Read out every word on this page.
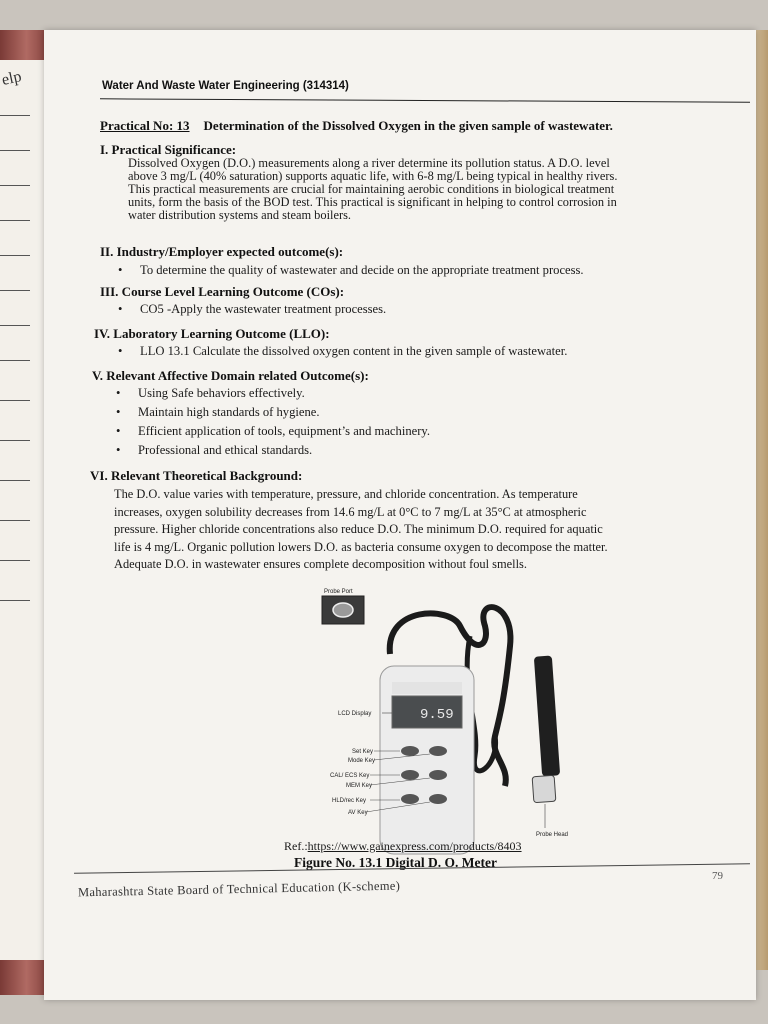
elp	Water And Waste Water Engineering (314314)
Practical No: 13 Determination of the Dissolved Oxygen in the given sample of wastewater.
I. Practical Significance:
Dissolved Oxygen (D.O.) measurements along a river determine its pollution status. A D.O. level
above 3 mg/L (40% saturation) supports aquatic life, with 6-8 mg/L being typical in healthy rivers.
This practical measurements are crucial for maintaining aerobic conditions in biological treatment
units, form the basis of the BOD test. This practical is significant in helping to control corrosion in
water distribution systems and steam boilers.
II. Industry/Employer expected outcome(s):
• To determine the quality of wastewater and decide on the appropriate treatment process.
III. Course Level Learning Outcome (COs):
• CO5 -Apply the wastewater treatment processes.
IV. Laboratory Learning Outcome (LLO):
• LLO 13.1 Calculate the dissolved oxygen content in the given sample of wastewater.
V. Relevant Affective Domain related Outcome(s):
• Using Safe behaviors effectively.
• Maintain high standards of hygiene.
• Efficient application of tools, equipment’s and machinery.
• Professional and ethical standards.
VI. Relevant Theoretical Background:
The D.O. value varies with temperature, pressure, and chloride concentration. As temperature
increases, oxygen solubility decreases from 14.6 mg/L at 0°C to 7 mg/L at 35°C at atmospheric
pressure. Higher chloride concentrations also reduce D.O. The minimum D.O. required for aquatic
life is 4 mg/L. Organic pollution lowers D.O. as bacteria consume oxygen to decompose the matter.
Adequate D.O. in wastewater ensures complete decomposition without foul smells.
Probe Port
Probe Head
9.59
LCD Display
Set Key
Mode Key
CAL/ ECS Key
MEM Key
HLD/rec Key
AV Key
Ref.:https://www.gainexpress.com/products/8403
Figure No. 13.1 Digital D. O. Meter
Maharashtra State Board of Technical Education (K-scheme)
79
